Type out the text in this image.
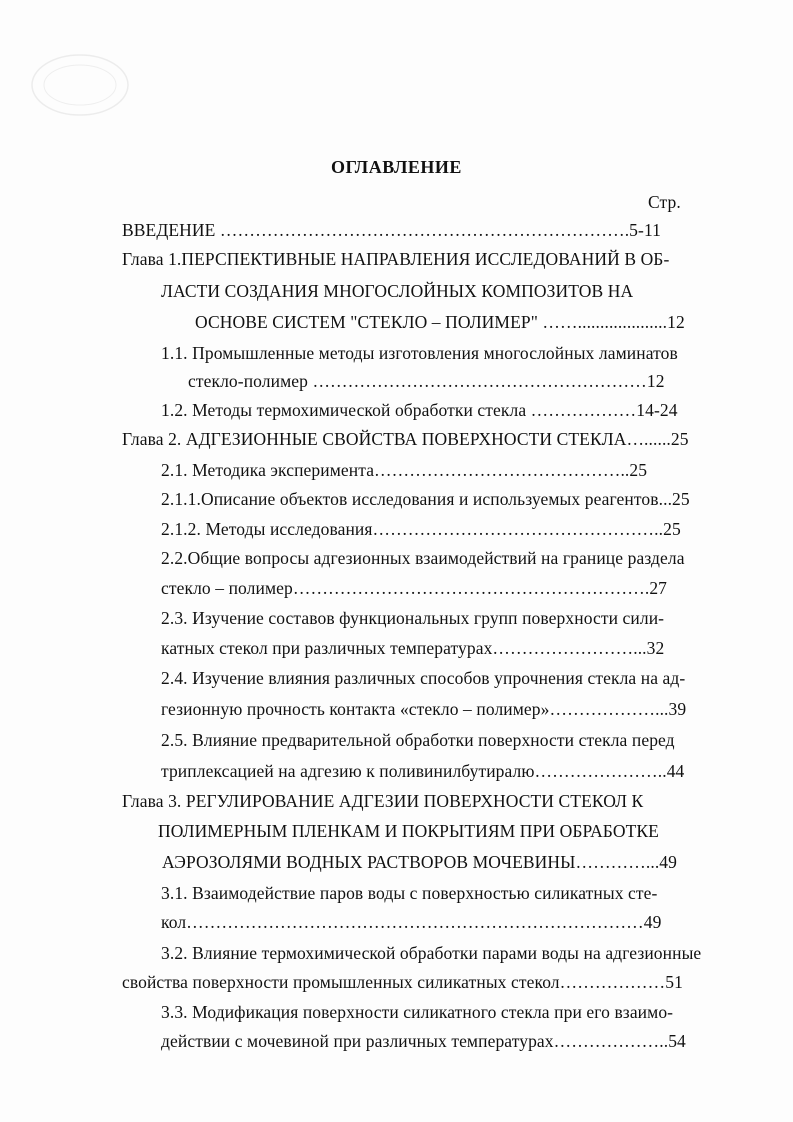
ОГЛАВЛЕНИЕ
Стр.
ВВЕДЕНИЕ …………………………………………………………….5-11
Глава 1.ПЕРСПЕКТИВНЫЕ НАПРАВЛЕНИЯ ИССЛЕДОВАНИЙ В ОБ-
ЛАСТИ СОЗДАНИЯ МНОГОСЛОЙНЫХ КОМПОЗИТОВ НА
ОСНОВЕ СИСТЕМ "СТЕКЛО – ПОЛИМЕР" ……....................12
1.1. Промышленные методы изготовления многослойных ламинатов
стекло-полимер …………………………………………………12
1.2. Методы термохимической обработки стекла ………………14-24
Глава 2. АДГЕЗИОННЫЕ СВОЙСТВА ПОВЕРХНОСТИ СТЕКЛА…......25
2.1. Методика эксперимента……………………………………..25
2.1.1.Описание объектов исследования и используемых реагентов...25
2.1.2. Методы исследования…………………………………………..25
2.2.Общие вопросы адгезионных взаимодействий на границе раздела
стекло – полимер…………………………………………………….27
2.3. Изучение составов функциональных групп поверхности сили-
катных стекол при различных температурах……………………...32
2.4. Изучение влияния различных способов упрочнения стекла на ад-
гезионную прочность контакта «стекло – полимер»………………...39
2.5. Влияние предварительной обработки поверхности стекла перед
триплексацией на адгезию к поливинилбутиралю…………………..44
Глава 3. РЕГУЛИРОВАНИЕ АДГЕЗИИ ПОВЕРХНОСТИ СТЕКОЛ К
ПОЛИМЕРНЫМ ПЛЕНКАМ И ПОКРЫТИЯМ ПРИ ОБРАБОТКЕ
АЭРОЗОЛЯМИ ВОДНЫХ РАСТВОРОВ МОЧЕВИНЫ…………...49
3.1. Взаимодействие паров воды с поверхностью силикатных сте-
кол……………………………………………………………………49
3.2. Влияние термохимической обработки парами воды на адгезионные
свойства поверхности промышленных силикатных стекол………………51
3.3. Модификация поверхности силикатного стекла при его взаимо-
действии с мочевиной при различных температурах………………..54
